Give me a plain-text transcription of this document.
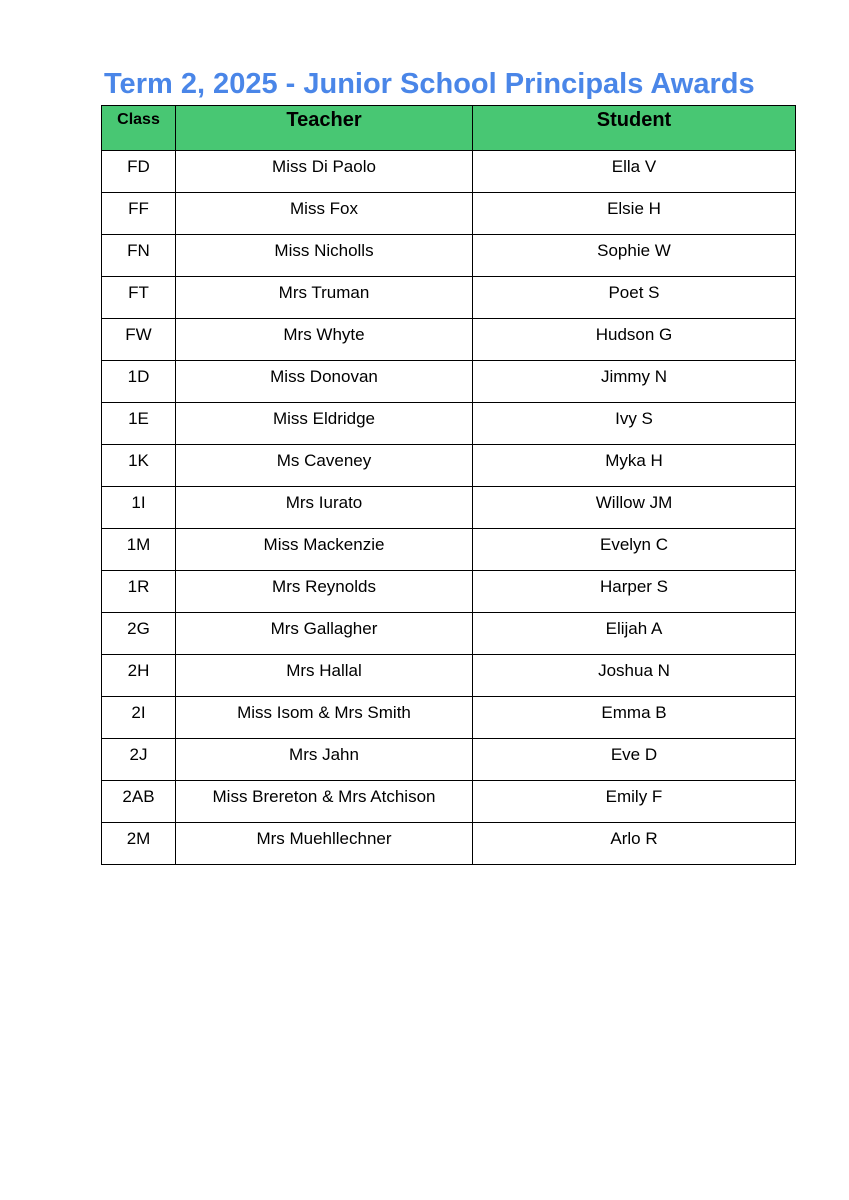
Term 2, 2025 - Junior School Principals Awards
Class	Teacher	Student
FD	Miss Di Paolo	Ella V
FF	Miss Fox	Elsie H
FN	Miss Nicholls	Sophie W
FT	Mrs Truman	Poet S
FW	Mrs Whyte	Hudson G
1D	Miss Donovan	Jimmy N
1E	Miss Eldridge	Ivy S
1K	Ms Caveney	Myka H
1I	Mrs Iurato	Willow JM
1M	Miss Mackenzie	Evelyn C
1R	Mrs Reynolds	Harper S
2G	Mrs Gallagher	Elijah A
2H	Mrs Hallal	Joshua N
2I	Miss Isom & Mrs Smith	Emma B
2J	Mrs Jahn	Eve D
2AB	Miss Brereton & Mrs Atchison	Emily F
2M	Mrs Muehllechner	Arlo R
